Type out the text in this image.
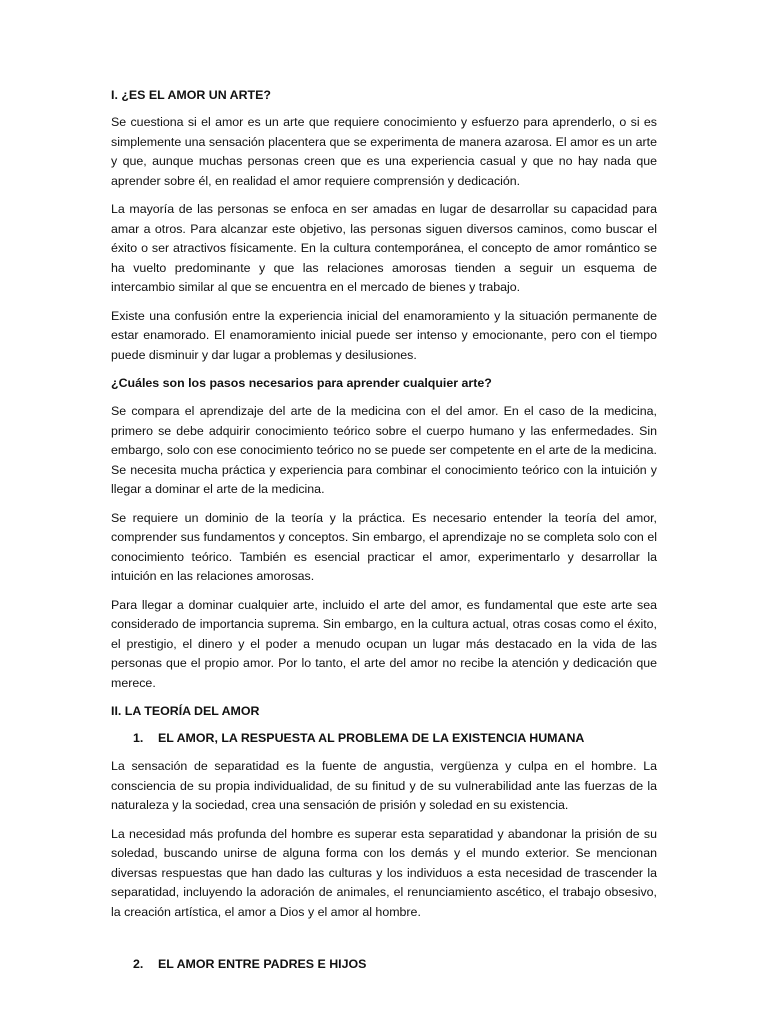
I. ¿ES EL AMOR UN ARTE?

Se cuestiona si el amor es un arte que requiere conocimiento y esfuerzo para aprenderlo, o si es simplemente una sensación placentera que se experimenta de manera azarosa. El amor es un arte y que, aunque muchas personas creen que es una experiencia casual y que no hay nada que aprender sobre él, en realidad el amor requiere comprensión y dedicación.

La mayoría de las personas se enfoca en ser amadas en lugar de desarrollar su capacidad para amar a otros. Para alcanzar este objetivo, las personas siguen diversos caminos, como buscar el éxito o ser atractivos físicamente. En la cultura contemporánea, el concepto de amor romántico se ha vuelto predominante y que las relaciones amorosas tienden a seguir un esquema de intercambio similar al que se encuentra en el mercado de bienes y trabajo.

Existe una confusión entre la experiencia inicial del enamoramiento y la situación permanente de estar enamorado. El enamoramiento inicial puede ser intenso y emocionante, pero con el tiempo puede disminuir y dar lugar a problemas y desilusiones.

¿Cuáles son los pasos necesarios para aprender cualquier arte?

Se compara el aprendizaje del arte de la medicina con el del amor. En el caso de la medicina, primero se debe adquirir conocimiento teórico sobre el cuerpo humano y las enfermedades. Sin embargo, solo con ese conocimiento teórico no se puede ser competente en el arte de la medicina. Se necesita mucha práctica y experiencia para combinar el conocimiento teórico con la intuición y llegar a dominar el arte de la medicina.

Se requiere un dominio de la teoría y la práctica. Es necesario entender la teoría del amor, comprender sus fundamentos y conceptos. Sin embargo, el aprendizaje no se completa solo con el conocimiento teórico. También es esencial practicar el amor, experimentarlo y desarrollar la intuición en las relaciones amorosas.

Para llegar a dominar cualquier arte, incluido el arte del amor, es fundamental que este arte sea considerado de importancia suprema. Sin embargo, en la cultura actual, otras cosas como el éxito, el prestigio, el dinero y el poder a menudo ocupan un lugar más destacado en la vida de las personas que el propio amor. Por lo tanto, el arte del amor no recibe la atención y dedicación que merece.

II. LA TEORÍA DEL AMOR
1.	EL AMOR, LA RESPUESTA AL PROBLEMA DE LA EXISTENCIA HUMANA

La sensación de separatidad es la fuente de angustia, vergüenza y culpa en el hombre. La consciencia de su propia individualidad, de su finitud y de su vulnerabilidad ante las fuerzas de la naturaleza y la sociedad, crea una sensación de prisión y soledad en su existencia.

La necesidad más profunda del hombre es superar esta separatidad y abandonar la prisión de su soledad, buscando unirse de alguna forma con los demás y el mundo exterior. Se mencionan diversas respuestas que han dado las culturas y los individuos a esta necesidad de trascender la separatidad, incluyendo la adoración de animales, el renunciamiento ascético, el trabajo obsesivo, la creación artística, el amor a Dios y el amor al hombre.

2.	EL AMOR ENTRE PADRES E HIJOS
